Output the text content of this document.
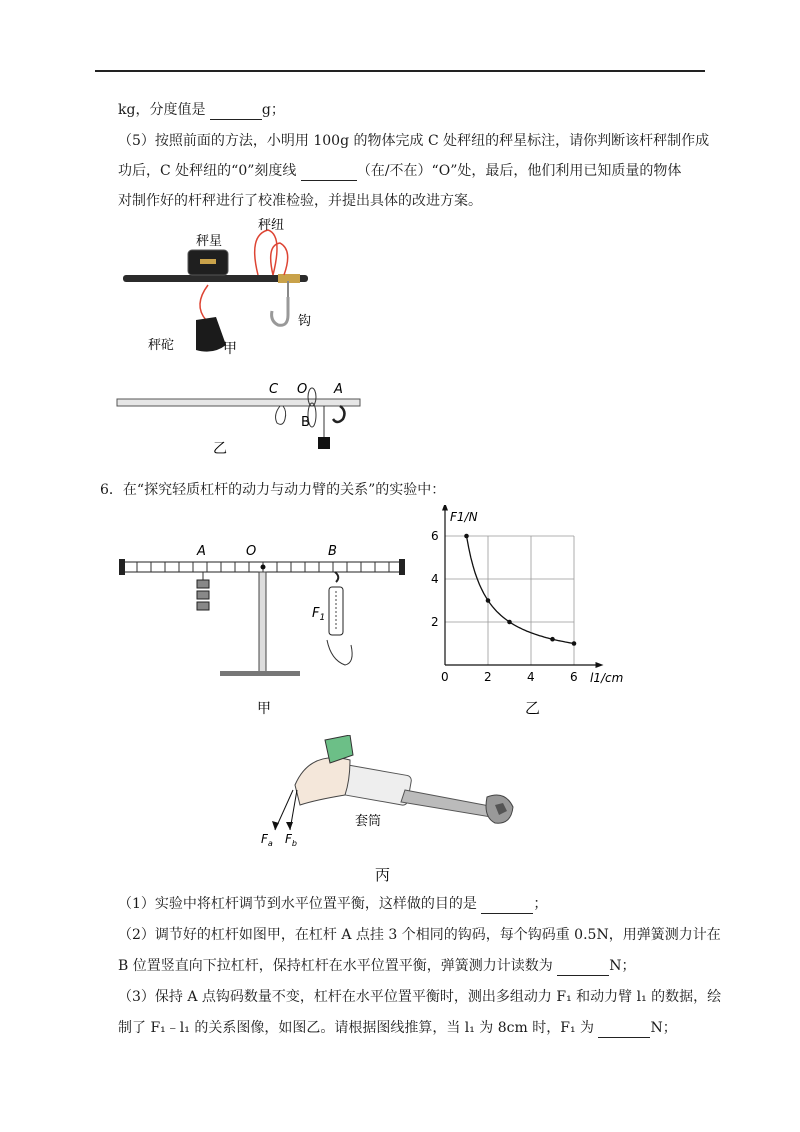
kg，分度值是	g；
（5）按照前面的方法，小明用 100g 的物体完成 C 处秤纽的秤星标注，请你判断该杆秤制作成
功后，C 处秤纽的“0”刻度线	（在/不在）“O”处，最后，他们利用已知质量的物体
对制作好的杆秤进行了校准检验，并提出具体的改进方案。
秤星
秤纽
钩
秤砣	甲
C O A
B
乙
6．在“探究轻质杠杆的动力与动力臂的关系”的实验中：
A	O	B
$F_1$
甲
0	2	4	6
2
4
6
F1/N
l1/cm
乙
套筒
$F_a$ $F_b$
丙
（1）实验中将杠杆调节到水平位置平衡，这样做的目的是	；
（2）调节好的杠杆如图甲，在杠杆 A 点挂 3 个相同的钩码，每个钩码重 0.5N，用弹簧测力计在
B 位置竖直向下拉杠杆，保持杠杆在水平位置平衡，弹簧测力计读数为	N；
（3）保持 A 点钩码数量不变，杠杆在水平位置平衡时，测出多组动力 F₁ 和动力臂 l₁ 的数据，绘
制了 F₁﹣l₁ 的关系图像，如图乙。请根据图线推算，当 l₁ 为 8cm 时，F₁ 为	N；
